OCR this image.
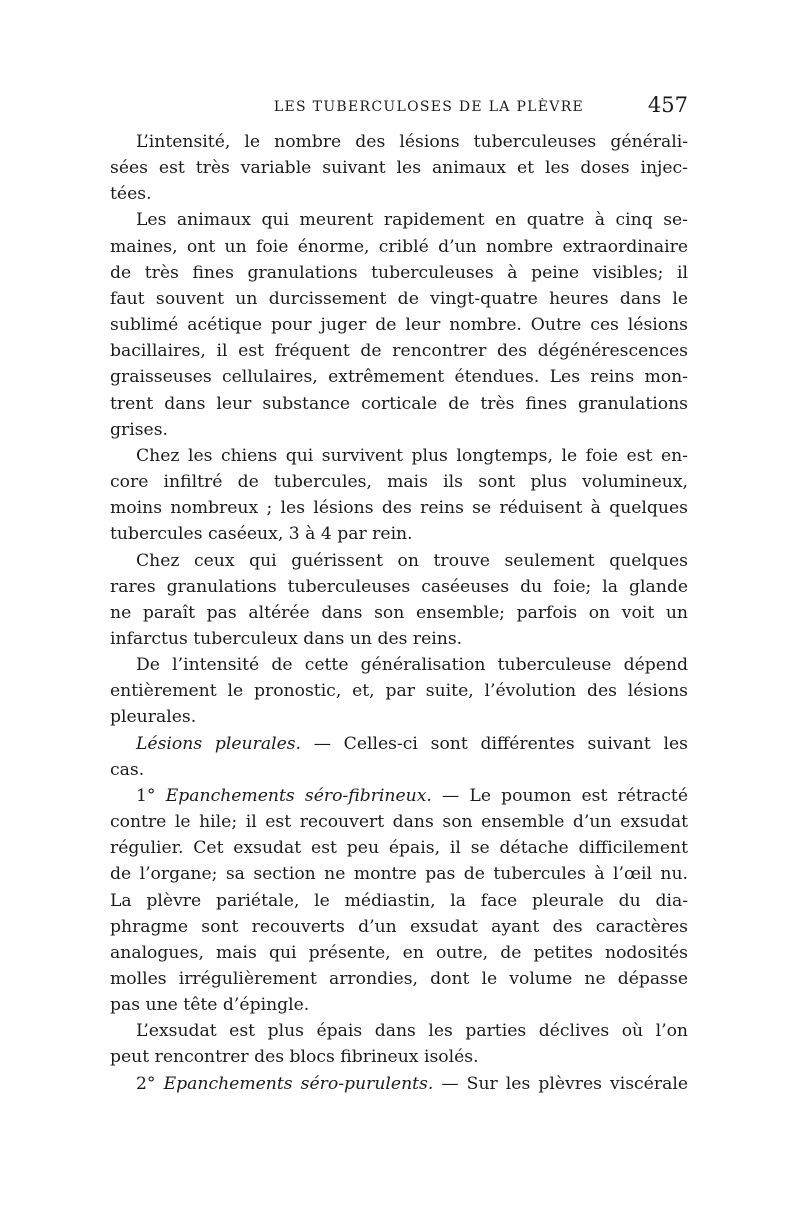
LES TUBERCULOSES DE LA PLÈVRE	457

L’intensité, le nombre des lésions tuberculeuses générali-
sées est très variable suivant les animaux et les doses injec-
tées.

Les animaux qui meurent rapidement en quatre à cinq se-
maines, ont un foie énorme, criblé d’un nombre extraordinaire
de très fines granulations tuberculeuses à peine visibles; il
faut souvent un durcissement de vingt-quatre heures dans le
sublimé acétique pour juger de leur nombre. Outre ces lésions
bacillaires, il est fréquent de rencontrer des dégénérescences
graisseuses cellulaires, extrêmement étendues. Les reins mon-
trent dans leur substance corticale de très fines granulations
grises.

Chez les chiens qui survivent plus longtemps, le foie est en-
core infiltré de tubercules, mais ils sont plus volumineux,
moins nombreux ; les lésions des reins se réduisent à quelques
tubercules caséeux, 3 à 4 par rein.

Chez ceux qui guérissent on trouve seulement quelques
rares granulations tuberculeuses caséeuses du foie; la glande
ne paraît pas altérée dans son ensemble; parfois on voit un
infarctus tuberculeux dans un des reins.

De l’intensité de cette généralisation tuberculeuse dépend
entièrement le pronostic, et, par suite, l’évolution des lésions
pleurales.

Lésions pleurales. — Celles-ci sont différentes suivant les
cas.

1° Epanchements séro-fibrineux. — Le poumon est rétracté
contre le hile; il est recouvert dans son ensemble d’un exsudat
régulier. Cet exsudat est peu épais, il se détache difficilement
de l’organe; sa section ne montre pas de tubercules à l’œil nu.
La plèvre pariétale, le médiastin, la face pleurale du dia-
phragme sont recouverts d’un exsudat ayant des caractères
analogues, mais qui présente, en outre, de petites nodosités
molles irrégulièrement arrondies, dont le volume ne dépasse
pas une tête d’épingle.

L’exsudat est plus épais dans les parties déclives où l’on
peut rencontrer des blocs fibrineux isolés.

2° Epanchements séro-purulents. — Sur les plèvres viscérale
